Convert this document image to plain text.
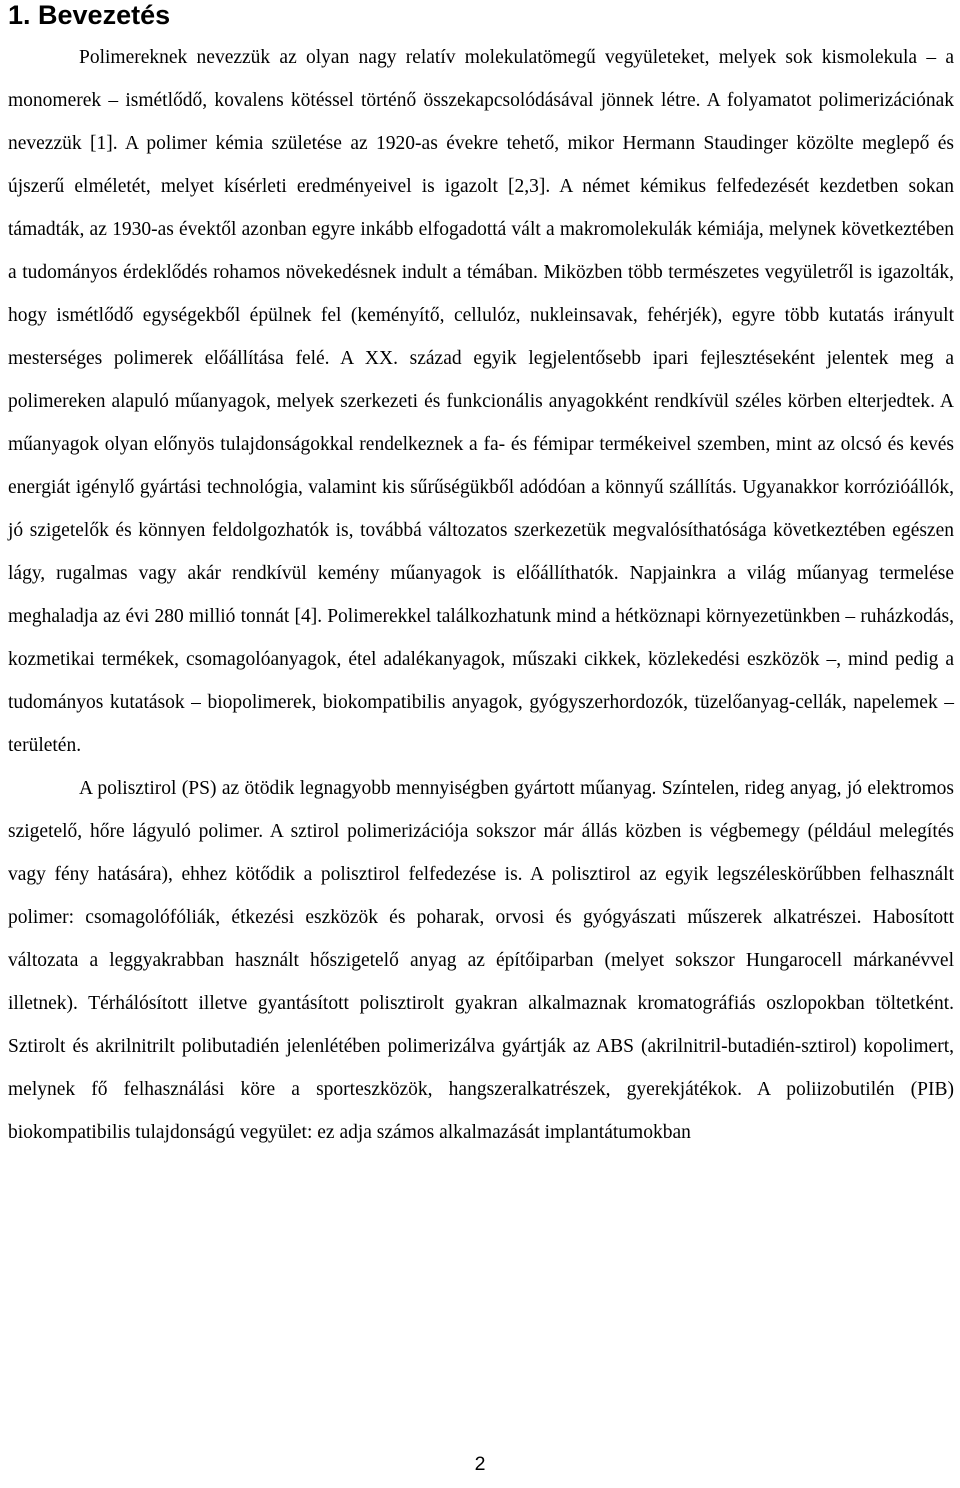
1. Bevezetés

Polimereknek nevezzük az olyan nagy relatív molekulatömegű vegyületeket, melyek sok kismolekula – a monomerek – ismétlődő, kovalens kötéssel történő összekapcsolódásával jönnek létre. A folyamatot polimerizációnak nevezzük [1]. A polimer kémia születése az 1920-as évekre tehető, mikor Hermann Staudinger közölte meglepő és újszerű elméletét, melyet kísérleti eredményeivel is igazolt [2,3]. A német kémikus felfedezését kezdetben sokan támadták, az 1930-as évektől azonban egyre inkább elfogadottá vált a makromolekulák kémiája, melynek következtében a tudományos érdeklődés rohamos növekedésnek indult a témában. Miközben több természetes vegyületről is igazolták, hogy ismétlődő egységekből épülnek fel (keményítő, cellulóz, nukleinsavak, fehérjék), egyre több kutatás irányult mesterséges polimerek előállítása felé. A XX. század egyik legjelentősebb ipari fejlesztéseként jelentek meg a polimereken alapuló műanyagok, melyek szerkezeti és funkcionális anyagokként rendkívül széles körben elterjedtek. A műanyagok olyan előnyös tulajdonságokkal rendelkeznek a fa- és fémipar termékeivel szemben, mint az olcsó és kevés energiát igénylő gyártási technológia, valamint kis sűrűségükből adódóan a könnyű szállítás. Ugyanakkor korrózióállók, jó szigetelők és könnyen feldolgozhatók is, továbbá változatos szerkezetük megvalósíthatósága következtében egészen lágy, rugalmas vagy akár rendkívül kemény műanyagok is előállíthatók. Napjainkra a világ műanyag termelése meghaladja az évi 280 millió tonnát [4]. Polimerekkel találkozhatunk mind a hétköznapi környezetünkben – ruházkodás, kozmetikai termékek, csomagolóanyagok, étel adalékanyagok, műszaki cikkek, közlekedési eszközök –, mind pedig a tudományos kutatások – biopolimerek, biokompatibilis anyagok, gyógyszerhordozók, tüzelőanyag-cellák, napelemek – területén.

A polisztirol (PS) az ötödik legnagyobb mennyiségben gyártott műanyag. Színtelen, rideg anyag, jó elektromos szigetelő, hőre lágyuló polimer. A sztirol polimerizációja sokszor már állás közben is végbemegy (például melegítés vagy fény hatására), ehhez kötődik a polisztirol felfedezése is. A polisztirol az egyik legszéleskörűbben felhasznált polimer: csomagolófóliák, étkezési eszközök és poharak, orvosi és gyógyászati műszerek alkatrészei. Habosított változata a leggyakrabban használt hőszigetelő anyag az építőiparban (melyet sokszor Hungarocell márkanévvel illetnek). Térhálósított illetve gyantásított polisztirolt gyakran alkalmaznak kromatográfiás oszlopokban töltetként. Sztirolt és akrilnitrilt polibutadién jelenlétében polimerizálva gyártják az ABS (akrilnitril-butadién-sztirol) kopolimert, melynek fő felhasználási köre a sporteszközök, hangszeralkatrészek, gyerekjátékok. A poliizobutilén (PIB) biokompatibilis tulajdonságú vegyület: ez adja számos alkalmazását implantátumokban

2
